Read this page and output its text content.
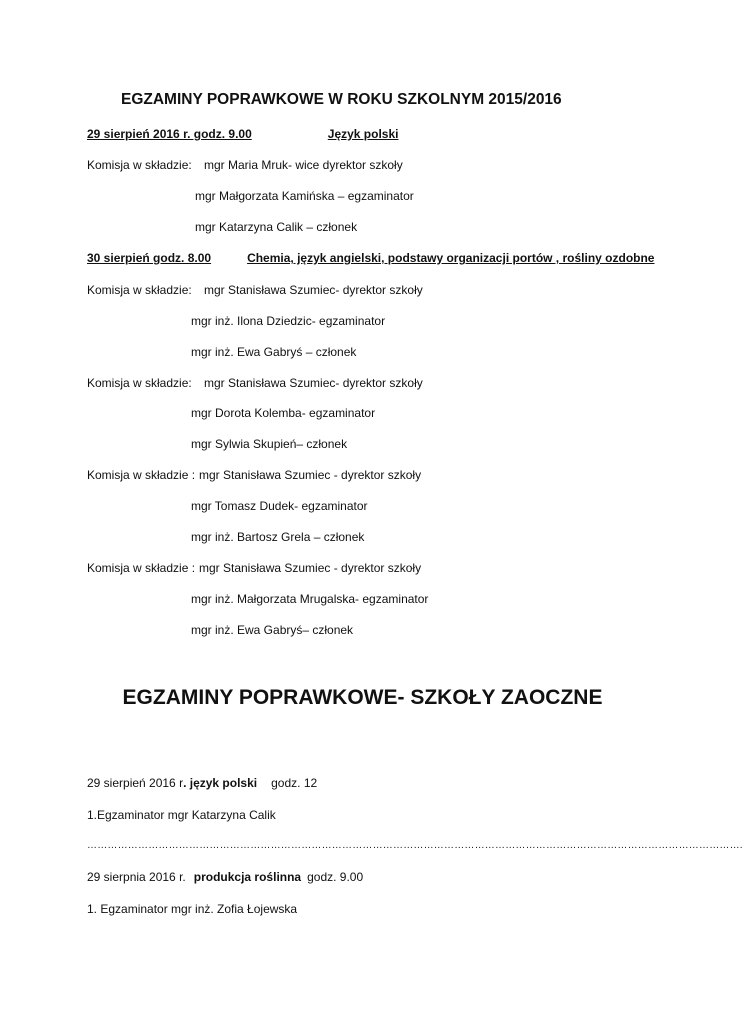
EGZAMINY POPRAWKOWE W ROKU SZKOLNYM 2015/2016
29 sierpień 2016 r. godz. 9.00	Język polski
Komisja w składzie: mgr Maria Mruk- wice dyrektor szkoły
mgr Małgorzata Kamińska – egzaminator
mgr Katarzyna Calik – członek
30 sierpień godz. 8.00	Chemia, język angielski, podstawy organizacji portów , rośliny ozdobne
Komisja w składzie: mgr Stanisława Szumiec- dyrektor szkoły
mgr inż. Ilona Dziedzic- egzaminator
mgr inż. Ewa Gabryś – członek
Komisja w składzie: mgr Stanisława Szumiec- dyrektor szkoły
mgr Dorota Kolemba- egzaminator
mgr Sylwia Skupień– członek
Komisja w składzie : mgr Stanisława Szumiec - dyrektor szkoły
mgr Tomasz Dudek- egzaminator
mgr inż. Bartosz Grela – członek
Komisja w składzie : mgr Stanisława Szumiec - dyrektor szkoły
mgr inż. Małgorzata Mrugalska- egzaminator
mgr inż. Ewa Gabryś– członek
EGZAMINY POPRAWKOWE- SZKOŁY ZAOCZNE
29 sierpień 2016 r. język polski godz. 12
1.Egzaminator mgr Katarzyna Calik
………………………………………………………………………………………………………………………………………………………………………….
29 sierpnia 2016 r. produkcja roślinna godz. 9.00
1. Egzaminator mgr inż. Zofia Łojewska
